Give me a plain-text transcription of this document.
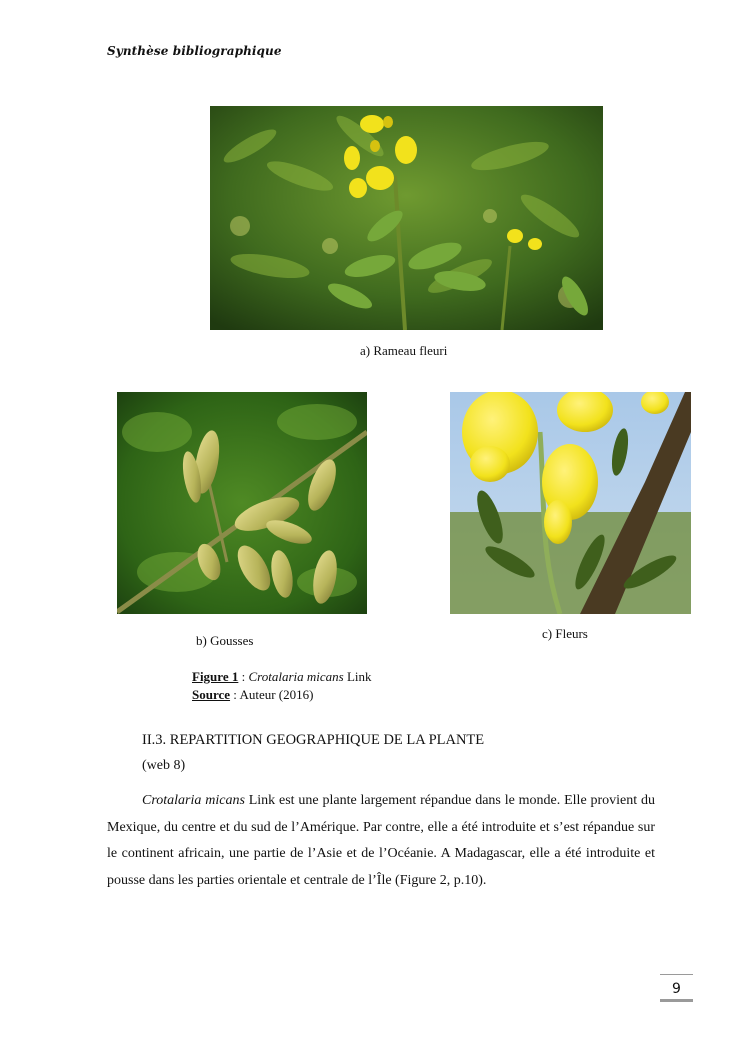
Synthèse bibliographique
a) Rameau fleuri
b) Gousses	c) Fleurs
Figure 1 : Crotalaria micans Link
Source : Auteur (2016)
II.3. REPARTITION GEOGRAPHIQUE DE LA PLANTE
(web 8)

Crotalaria micans Link est une plante largement répandue dans le monde. Elle provient du Mexique, du centre et du sud de l’Amérique. Par contre, elle a été introduite et s’est répandue sur le continent africain, une partie de l’Asie et de l’Océanie. A Madagascar, elle a été introduite et pousse dans les parties orientale et centrale de l’Île (Figure 2, p.10).

9
